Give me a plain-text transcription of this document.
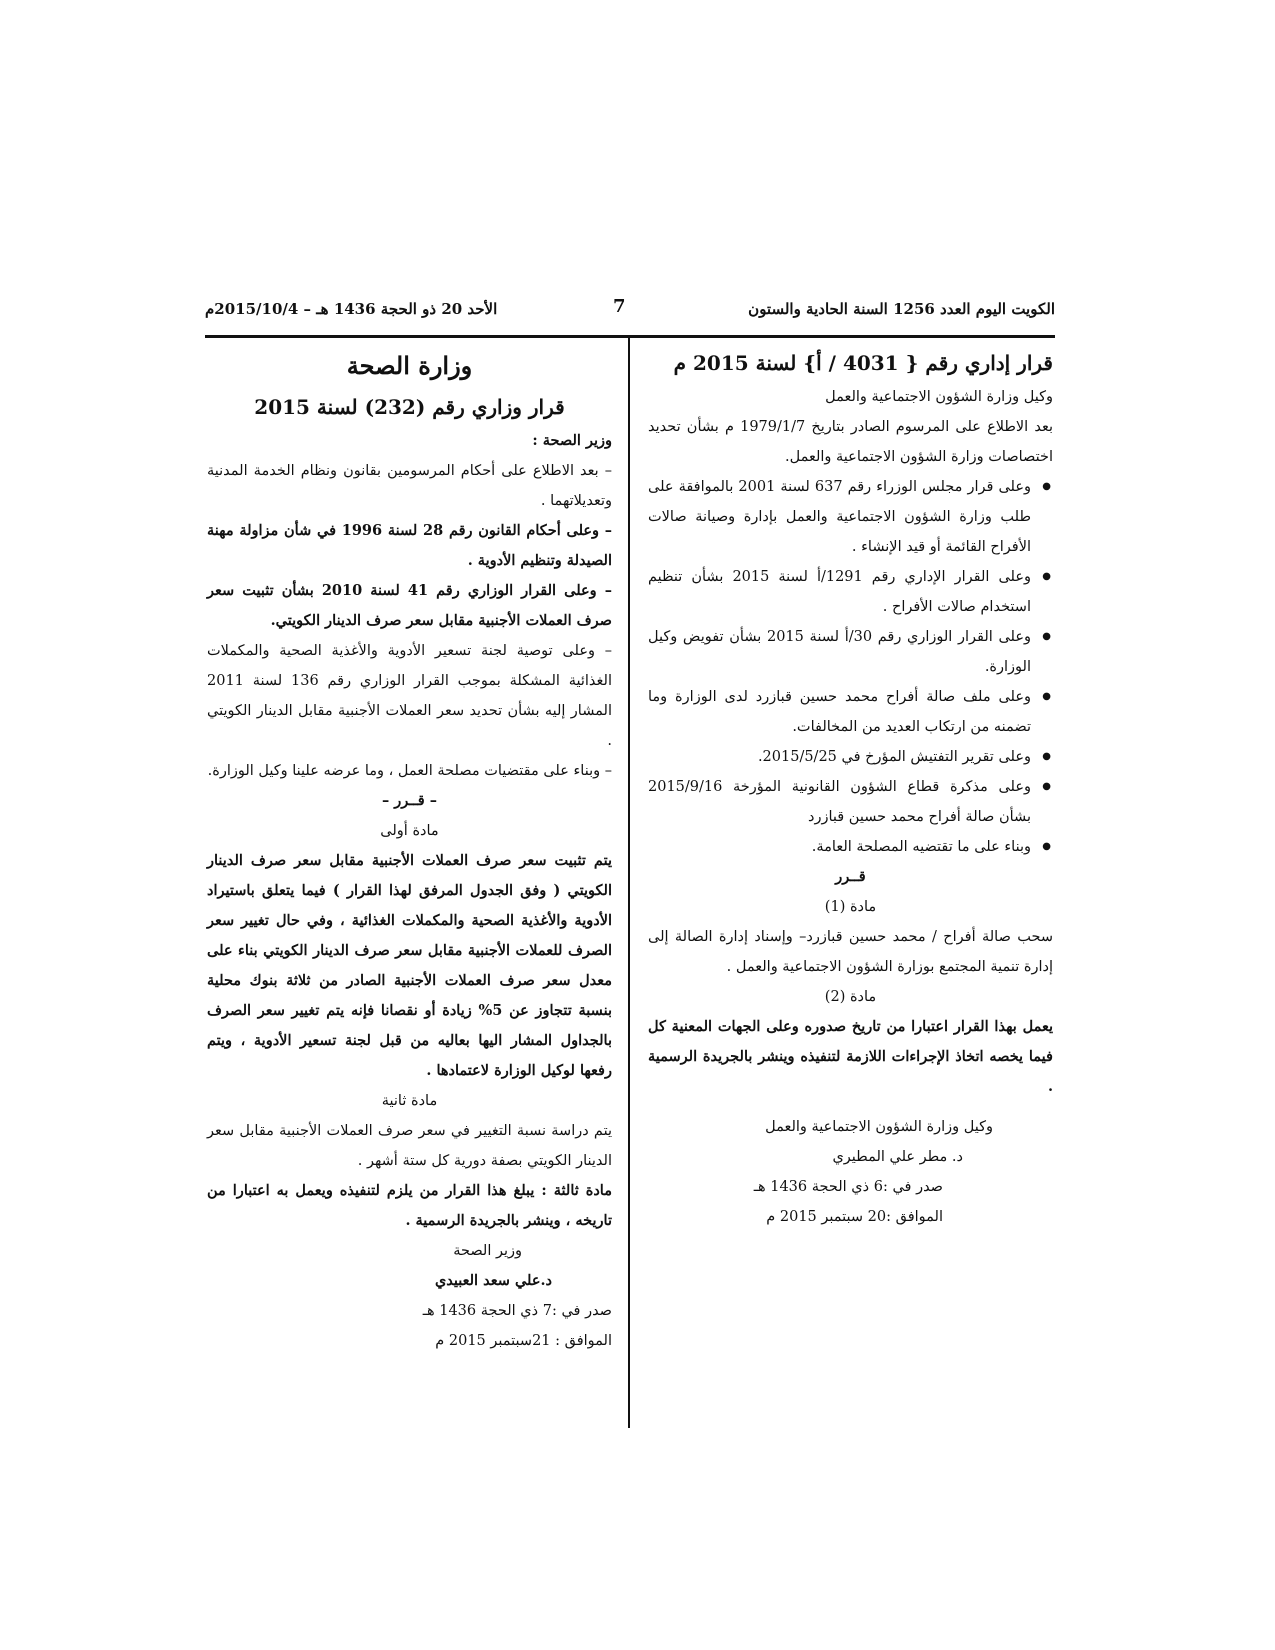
الكويت اليوم العدد 1256 السنة الحادية والستون
7
الأحد 20 ذو الحجة 1436 هـ – 2015/10/4م

قرار إداري رقم { 4031 / أ} لسنة 2015 م

وكيل وزارة الشؤون الاجتماعية والعمل

بعد الاطلاع على المرسوم الصادر بتاريخ 1979/1/7 م بشأن تحديد اختصاصات وزارة الشؤون الاجتماعية والعمل.

● وعلى قرار مجلس الوزراء رقم 637 لسنة 2001 بالموافقة على طلب وزارة الشؤون الاجتماعية والعمل بإدارة وصيانة صالات الأفراح القائمة أو قيد الإنشاء .
● وعلى القرار الإداري رقم 1291/أ لسنة 2015 بشأن تنظيم استخدام صالات الأفراح .
● وعلى القرار الوزاري رقم 30/أ لسنة 2015 بشأن تفويض وكيل الوزارة.
● وعلى ملف صالة أفراح محمد حسين قبازرد لدى الوزارة وما تضمنه من ارتكاب العديد من المخالفات.
● وعلى تقرير التفتيش المؤرخ في 2015/5/25.
● وعلى مذكرة قطاع الشؤون القانونية المؤرخة 2015/9/16 بشأن صالة أفراح محمد حسين قبازرد
● وبناء على ما تقتضيه المصلحة العامة.

قــرر

مادة (1)

سحب صالة أفراح / محمد حسين قبازرد– وإسناد إدارة الصالة إلى إدارة تنمية المجتمع بوزارة الشؤون الاجتماعية والعمل .

مادة (2)

يعمل بهذا القرار اعتبارا من تاريخ صدوره وعلى الجهات المعنية كل فيما يخصه اتخاذ الإجراءات اللازمة لتنفيذه وينشر بالجريدة الرسمية .

وكيل وزارة الشؤون الاجتماعية والعمل

د. مطر علي المطيري

صدر في :6 ذي الحجة 1436 هـ

الموافق :20 سبتمبر 2015 م

وزارة الصحة

قرار وزاري رقم (232) لسنة 2015

وزير الصحة :

– بعد الاطلاع على أحكام المرسومين بقانون ونظام الخدمة المدنية وتعديلاتهما .

– وعلى أحكام القانون رقم 28 لسنة 1996 في شأن مزاولة مهنة الصيدلة وتنظيم الأدوية .

– وعلى القرار الوزاري رقم 41 لسنة 2010 بشأن تثبيت سعر صرف العملات الأجنبية مقابل سعر صرف الدينار الكويتي.

– وعلى توصية لجنة تسعير الأدوية والأغذية الصحية والمكملات الغذائية المشكلة بموجب القرار الوزاري رقم 136 لسنة 2011 المشار إليه بشأن تحديد سعر العملات الأجنبية مقابل الدينار الكويتي .

– وبناء على مقتضيات مصلحة العمل ، وما عرضه علينا وكيل الوزارة.

– قــرر –

مادة أولى

يتم تثبيت سعر صرف العملات الأجنبية مقابل سعر صرف الدينار الكويتي ( وفق الجدول المرفق لهذا القرار ) فيما يتعلق باستيراد الأدوية والأغذية الصحية والمكملات الغذائية ، وفي حال تغيير سعر الصرف للعملات الأجنبية مقابل سعر صرف الدينار الكويتي بناء على معدل سعر صرف العملات الأجنبية الصادر من ثلاثة بنوك محلية بنسبة تتجاوز عن 5% زيادة أو نقصانا فإنه يتم تغيير سعر الصرف بالجداول المشار اليها بعاليه من قبل لجنة تسعير الأدوية ، ويتم رفعها لوكيل الوزارة لاعتمادها .

مادة ثانية

يتم دراسة نسبة التغيير في سعر صرف العملات الأجنبية مقابل سعر الدينار الكويتي بصفة دورية كل ستة أشهر .

مادة ثالثة : يبلغ هذا القرار من يلزم لتنفيذه ويعمل به اعتبارا من تاريخه ، وينشر بالجريدة الرسمية .

وزير الصحة

د.علي سعد العبيدي

صدر في :7 ذي الحجة 1436 هـ

الموافق : 21سبتمبر 2015 م
